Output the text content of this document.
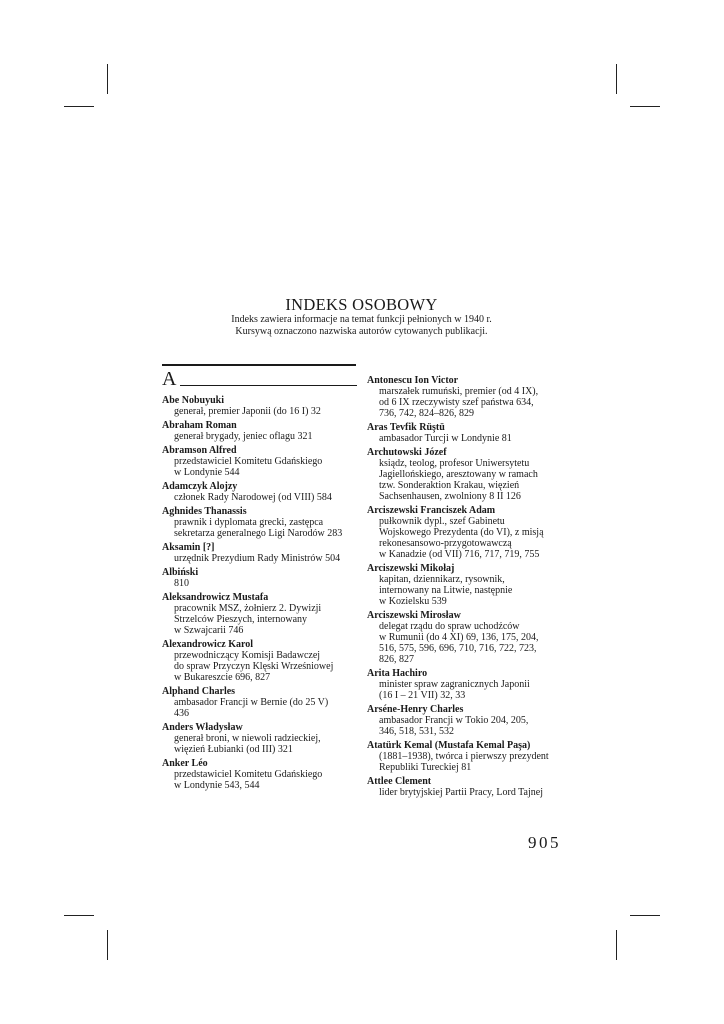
INDEKS OSOBOWY
Indeks zawiera informacje na temat funkcji pełnionych w 1940 r.
Kursywą oznaczono nazwiska autorów cytowanych publikacji.
A
Abe Nobuyuki
generał, premier Japonii (do 16 I) 32
Abraham Roman
generał brygady, jeniec oflagu 321
Abramson Alfred
przedstawiciel Komitetu Gdańskiego
w Londynie 544
Adamczyk Alojzy
członek Rady Narodowej (od VIII) 584
Aghnides Thanassis
prawnik i dyplomata grecki, zastępca
sekretarza generalnego Ligi Narodów 283
Aksamin [?]
urzędnik Prezydium Rady Ministrów 504
Albiński
810
Aleksandrowicz Mustafa
pracownik MSZ, żołnierz 2. Dywizji
Strzelców Pieszych, internowany
w Szwajcarii 746
Alexandrowicz Karol
przewodniczący Komisji Badawczej
do spraw Przyczyn Klęski Wrześniowej
w Bukareszcie 696, 827
Alphand Charles
ambasador Francji w Bernie (do 25 V)
436
Anders Władysław
generał broni, w niewoli radzieckiej,
więzień Łubianki (od III) 321
Anker Léo
przedstawiciel Komitetu Gdańskiego
w Londynie 543, 544
Antonescu Ion Victor
marszałek rumuński, premier (od 4 IX),
od 6 IX rzeczywisty szef państwa 634,
736, 742, 824–826, 829
Aras Tevfik Rüştü
ambasador Turcji w Londynie 81
Archutowski Józef
ksiądz, teolog, profesor Uniwersytetu
Jagiellońskiego, aresztowany w ramach
tzw. Sonderaktion Krakau, więzień
Sachsenhausen, zwolniony 8 II 126
Arciszewski Franciszek Adam
pułkownik dypl., szef Gabinetu
Wojskowego Prezydenta (do VI), z misją
rekonesansowo-przygotowawczą
w Kanadzie (od VII) 716, 717, 719, 755
Arciszewski Mikołaj
kapitan, dziennikarz, rysownik,
internowany na Litwie, następnie
w Kozielsku 539
Arciszewski Mirosław
delegat rządu do spraw uchodźców
w Rumunii (do 4 XI) 69, 136, 175, 204,
516, 575, 596, 696, 710, 716, 722, 723,
826, 827
Arita Hachiro
minister spraw zagranicznych Japonii
(16 I – 21 VII) 32, 33
Arséne-Henry Charles
ambasador Francji w Tokio 204, 205,
346, 518, 531, 532
Atatürk Kemal (Mustafa Kemal Paşa)
(1881–1938), twórca i pierwszy prezydent
Republiki Tureckiej 81
Attlee Clement
lider brytyjskiej Partii Pracy, Lord Tajnej
905
